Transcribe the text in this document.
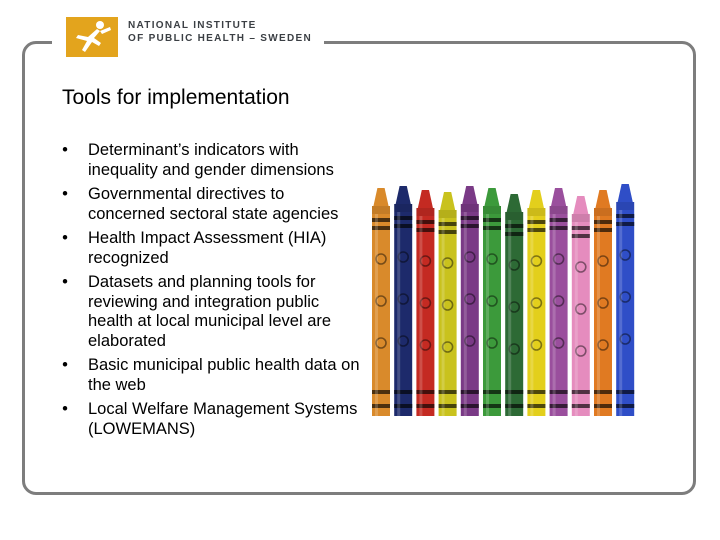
NATIONAL INSTITUTE
OF PUBLIC HEALTH – SWEDEN
Tools for implementation
• Determinant’s indicators with inequality and gender dimensions
• Governmental directives to concerned sectoral state agencies
• Health Impact Assessment (HIA) recognized
• Datasets and planning tools for reviewing and integration public health at local municipal level are elaborated
• Basic municipal public health data on the web
• Local Welfare Management Systems (LOWEMANS)
